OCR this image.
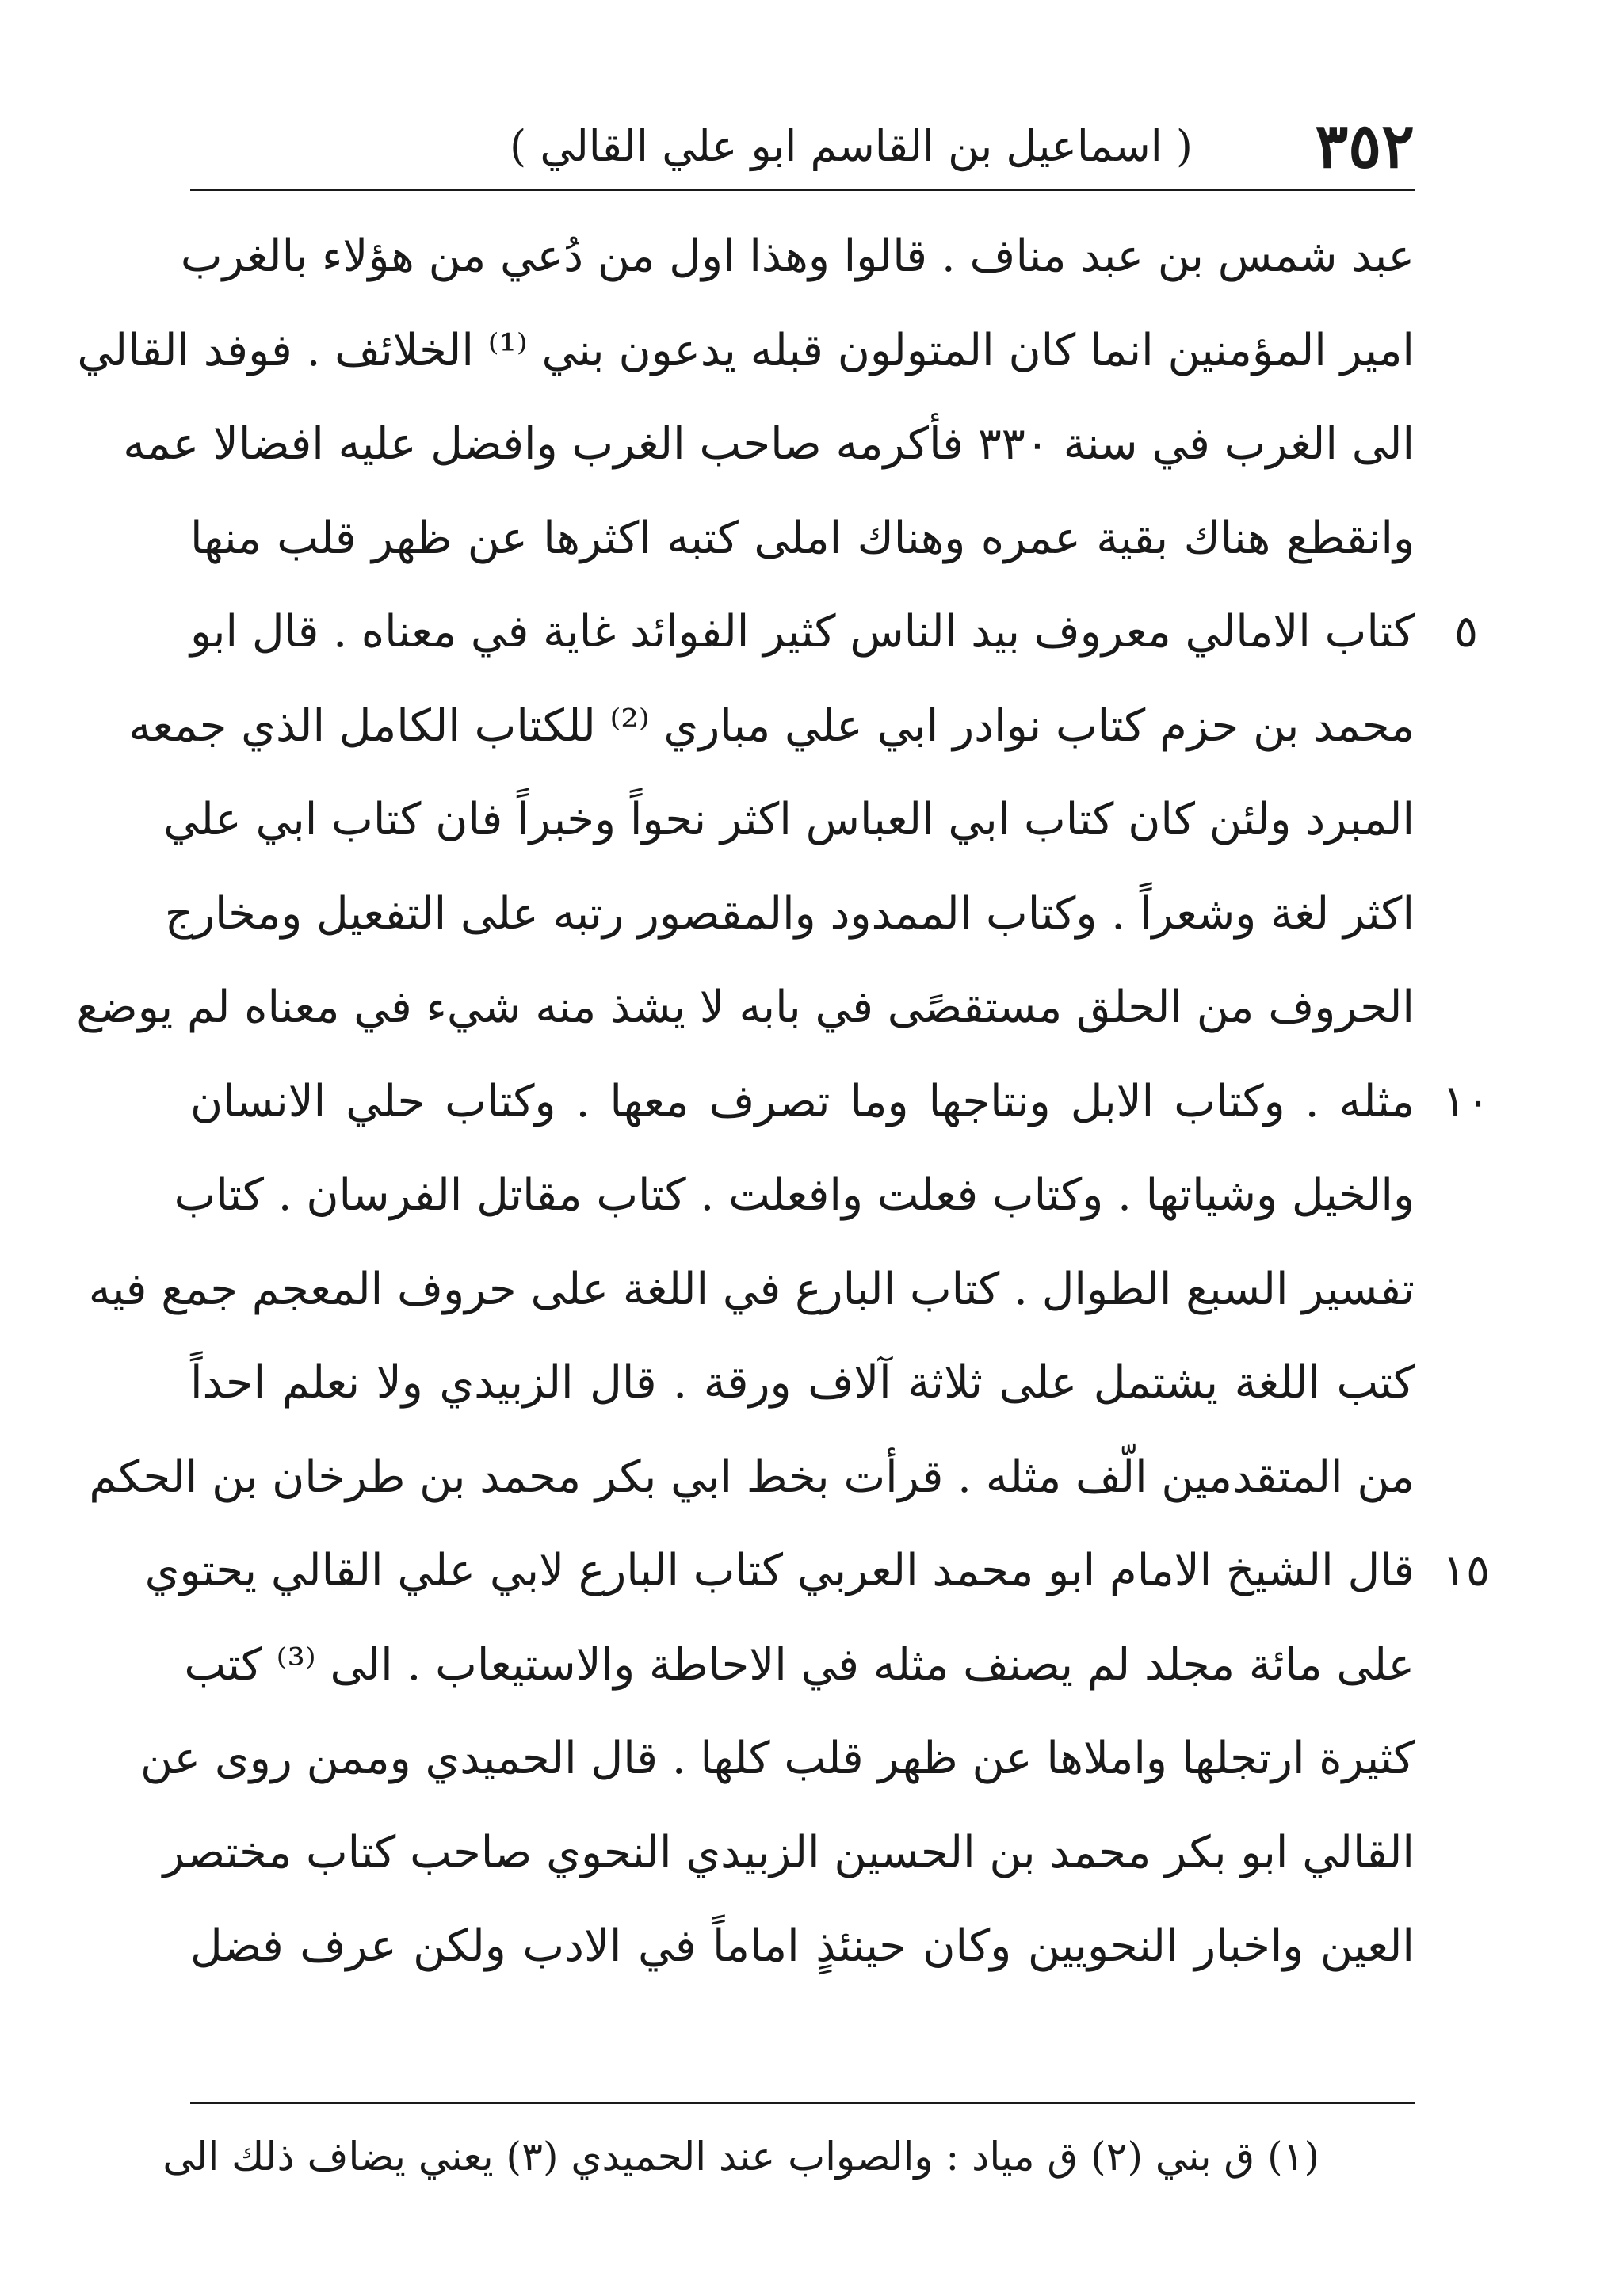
٣٥٢
( اسماعيل بن القاسم ابو علي القالي )
٥
١٠
١٥
عبد شمس بن عبد مناف . قالوا وهذا اول من دُعي من هؤلاء بالغرب
امير المؤمنين انما كان المتولون قبله يدعون بني ⁽¹⁾ الخلائف . فوفد القالي
الى الغرب في سنة ٣٣٠ فأكرمه صاحب الغرب وافضل عليه افضالا عمه
وانقطع هناك بقية عمره وهناك املى كتبه اكثرها عن ظهر قلب منها
كتاب الامالي معروف بيد الناس كثير الفوائد غاية في معناه . قال ابو
محمد بن حزم كتاب نوادر ابي علي مباري ⁽²⁾ للكتاب الكامل الذي جمعه
المبرد ولئن كان كتاب ابي العباس اكثر نحواً وخبراً فان كتاب ابي علي
اكثر لغة وشعراً . وكتاب الممدود والمقصور رتبه على التفعيل ومخارج
الحروف من الحلق مستقصًى في بابه لا يشذ منه شيء في معناه لم يوضع
مثله . وكتاب الابل ونتاجها وما تصرف معها . وكتاب حلي الانسان
والخيل وشياتها . وكتاب فعلت وافعلت . كتاب مقاتل الفرسان . كتاب
تفسير السبع الطوال . كتاب البارع في اللغة على حروف المعجم جمع فيه
كتب اللغة يشتمل على ثلاثة آلاف ورقة . قال الزبيدي ولا نعلم احداً
من المتقدمين الّف مثله . قرأت بخط ابي بكر محمد بن طرخان بن الحكم
قال الشيخ الامام ابو محمد العربي كتاب البارع لابي علي القالي يحتوي
على مائة مجلد لم يصنف مثله في الاحاطة والاستيعاب . الى ⁽³⁾ كتب
كثيرة ارتجلها واملاها عن ظهر قلب كلها . قال الحميدي وممن روى عن
القالي ابو بكر محمد بن الحسين الزبيدي النحوي صاحب كتاب مختصر
العين واخبار النحويين وكان حينئذٍ اماماً في الادب ولكن عرف فضل
(١) ق بني (٢) ق مياد : والصواب عند الحميدي (٣) يعني يضاف ذلك الى
